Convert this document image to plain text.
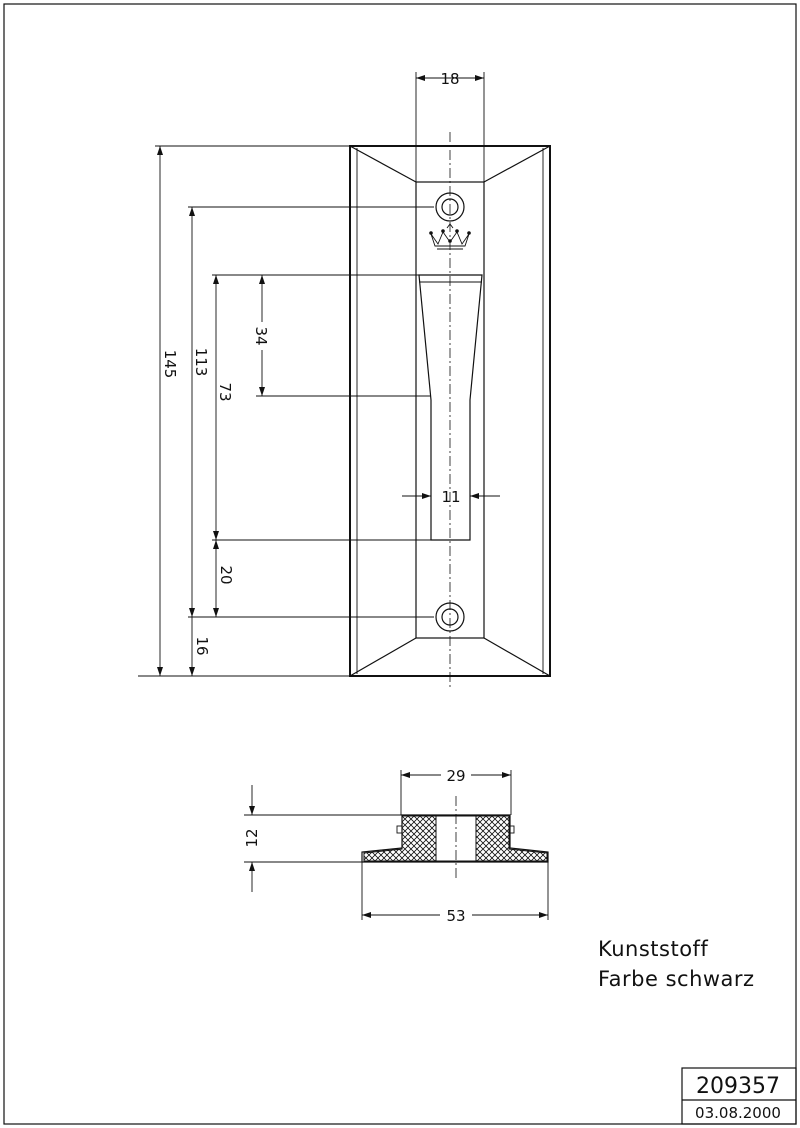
18
145 113
73
34
11
20
16
29
12
53
Kunststoff
Farbe schwarz
209357
03.08.2000
